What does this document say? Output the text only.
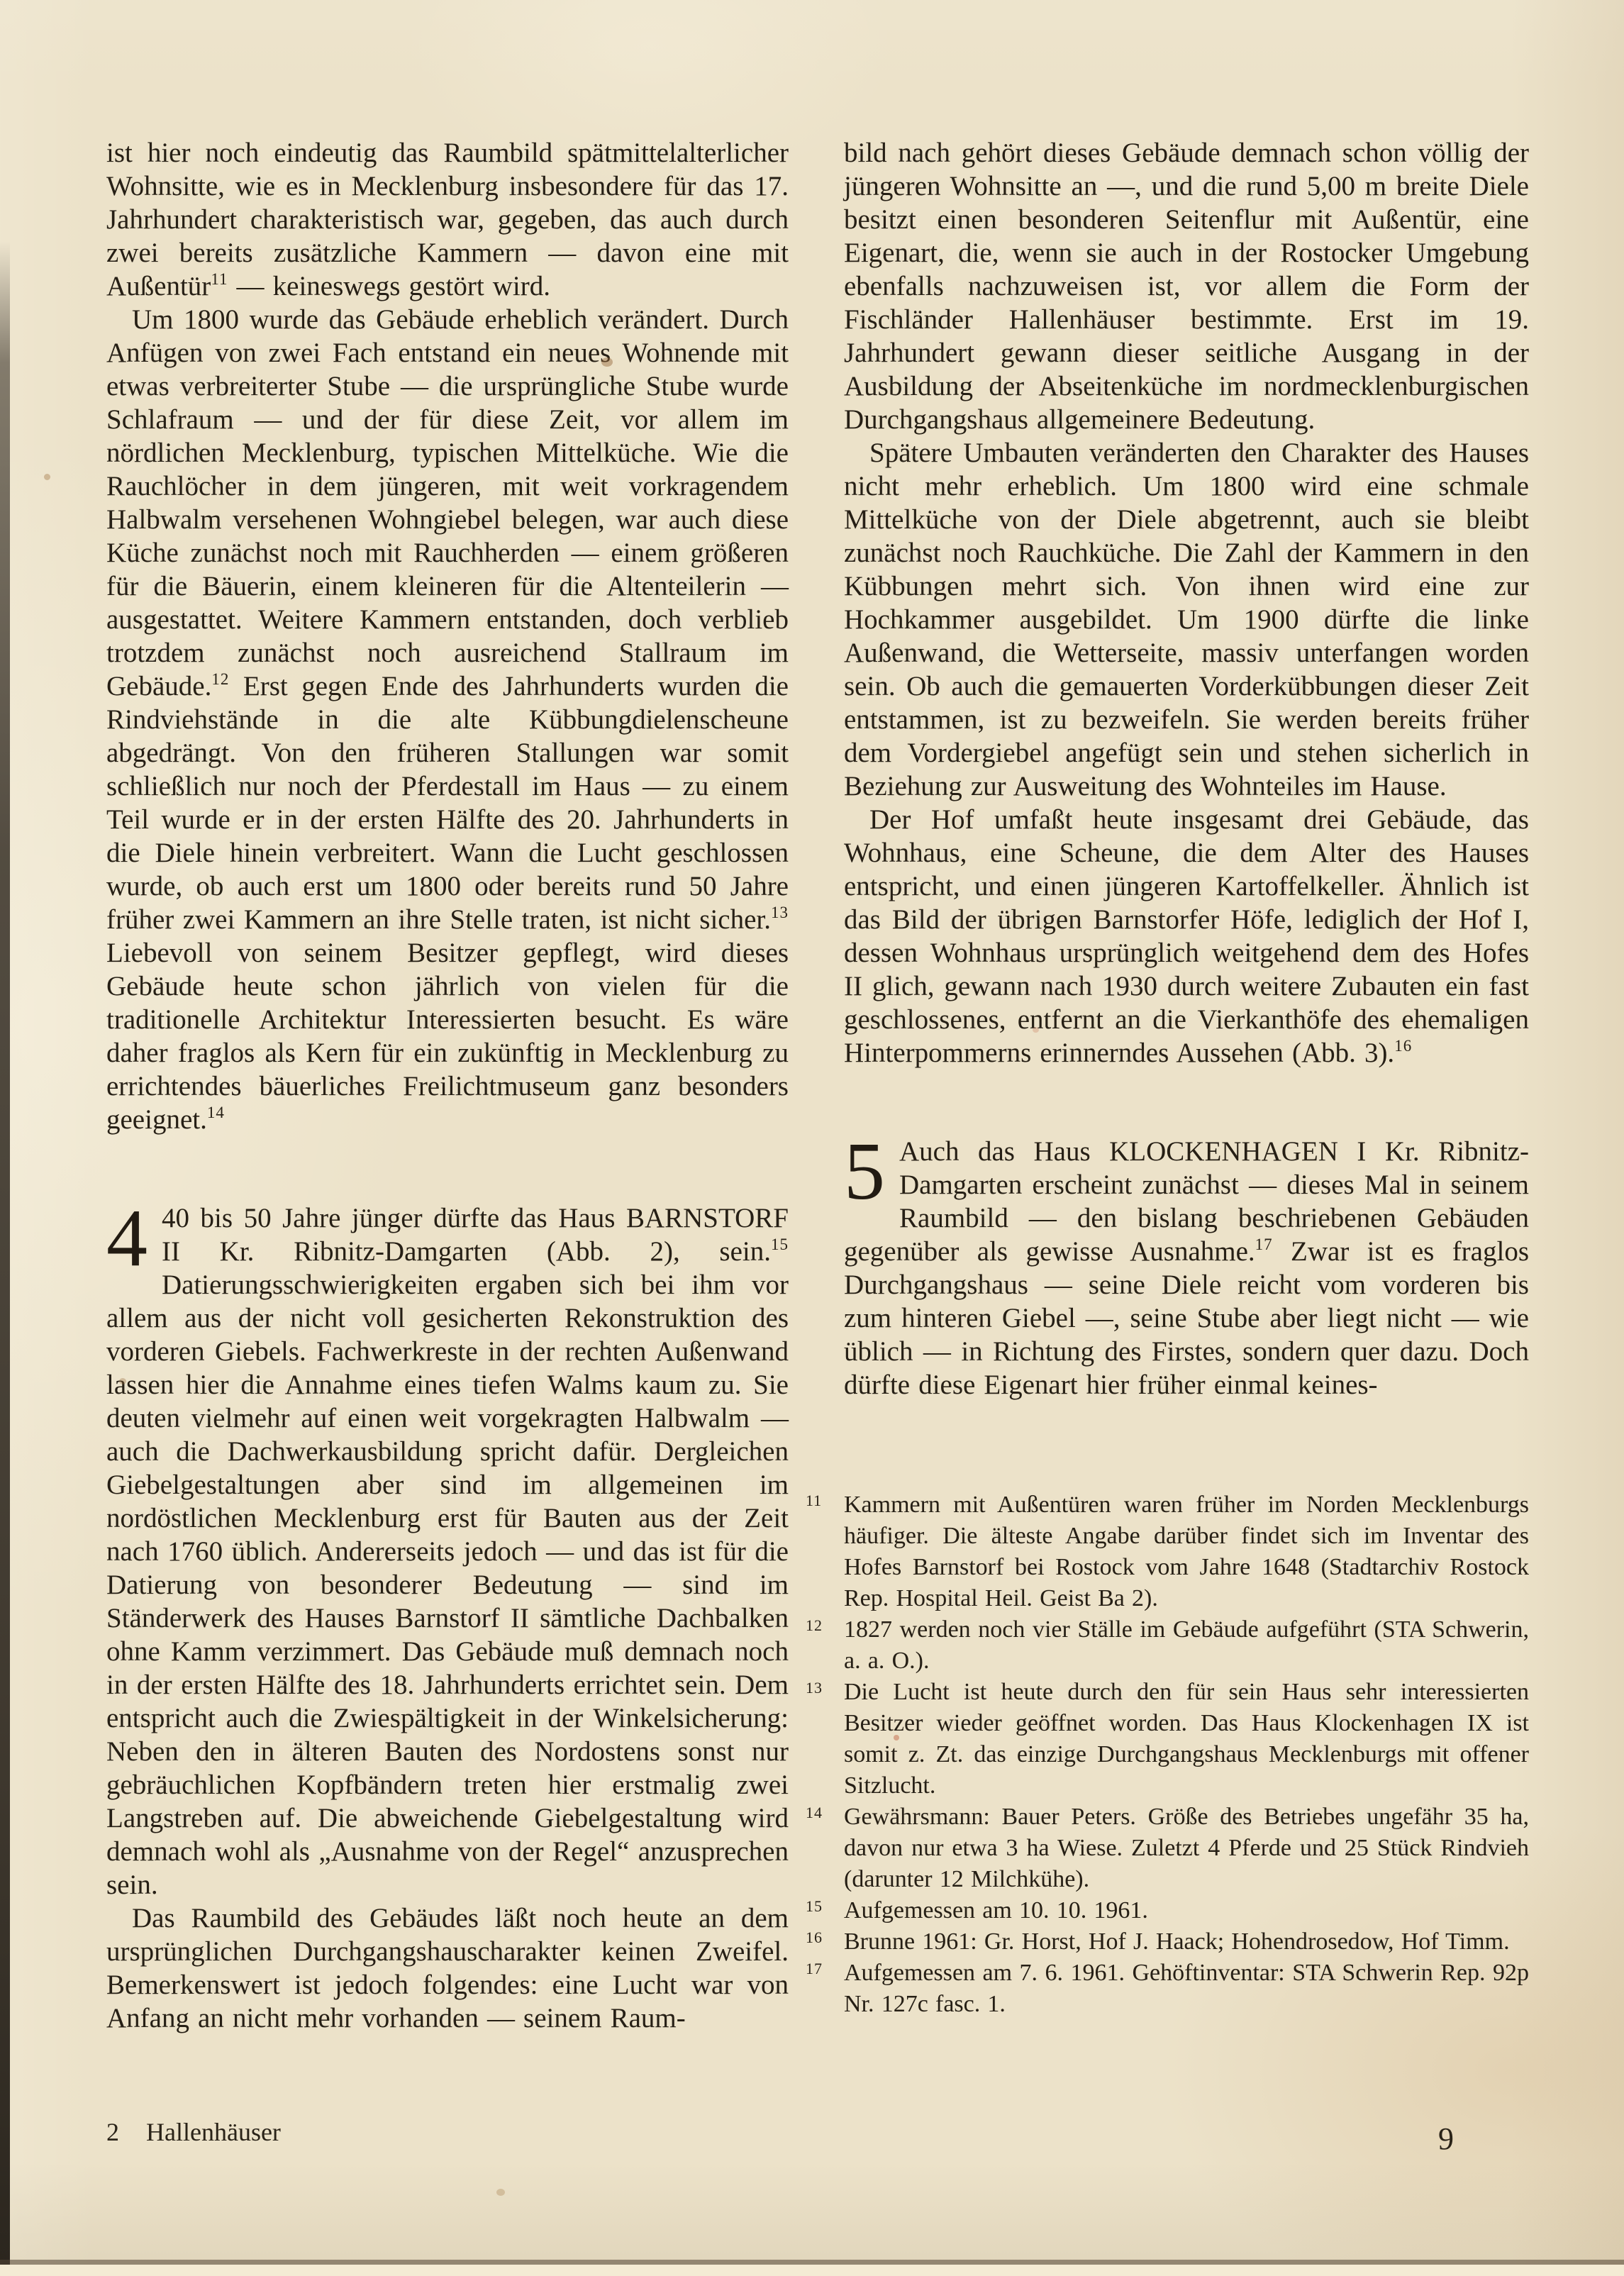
ist hier noch eindeutig das Raumbild spätmittelalterlicher Wohnsitte, wie es in Mecklenburg insbesondere für das 17. Jahrhundert charakteristisch war, gegeben, das auch durch zwei bereits zusätzliche Kammern — davon eine mit Außentür$^{11}$ — keineswegs gestört wird.

Um 1800 wurde das Gebäude erheblich verändert. Durch Anfügen von zwei Fach entstand ein neues Wohnende mit etwas verbreiterter Stube — die ursprüngliche Stube wurde Schlafraum — und der für diese Zeit, vor allem im nördlichen Mecklenburg, typischen Mittelküche. Wie die Rauchlöcher in dem jüngeren, mit weit vorkragendem Halbwalm versehenen Wohngiebel belegen, war auch diese Küche zunächst noch mit Rauchherden — einem größeren für die Bäuerin, einem kleineren für die Altenteilerin — ausgestattet. Weitere Kammern entstanden, doch verblieb trotzdem zunächst noch ausreichend Stallraum im Gebäude.$^{12}$ Erst gegen Ende des Jahrhunderts wurden die Rindviehstände in die alte Kübbungdielenscheune abgedrängt. Von den früheren Stallungen war somit schließlich nur noch der Pferdestall im Haus — zu einem Teil wurde er in der ersten Hälfte des 20. Jahrhunderts in die Diele hinein verbreitert. Wann die Lucht geschlossen wurde, ob auch erst um 1800 oder bereits rund 50 Jahre früher zwei Kammern an ihre Stelle traten, ist nicht sicher.$^{13}$ Liebevoll von seinem Besitzer gepflegt, wird dieses Gebäude heute schon jährlich von vielen für die traditionelle Architektur Interessierten besucht. Es wäre daher fraglos als Kern für ein zukünftig in Mecklenburg zu errichtendes bäuerliches Freilichtmuseum ganz besonders geeignet.$^{14}$

4 40 bis 50 Jahre jünger dürfte das Haus BARNSTORF II Kr. Ribnitz-Damgarten (Abb. 2), sein.$^{15}$ Datierungsschwierigkeiten ergaben sich bei ihm vor allem aus der nicht voll gesicherten Rekonstruktion des vorderen Giebels. Fachwerkreste in der rechten Außenwand lassen hier die Annahme eines tiefen Walms kaum zu. Sie deuten vielmehr auf einen weit vorgekragten Halbwalm — auch die Dachwerkausbildung spricht dafür. Dergleichen Giebelgestaltungen aber sind im allgemeinen im nordöstlichen Mecklenburg erst für Bauten aus der Zeit nach 1760 üblich. Andererseits jedoch — und das ist für die Datierung von besonderer Bedeutung — sind im Ständerwerk des Hauses Barnstorf II sämtliche Dachbalken ohne Kamm verzimmert. Das Gebäude muß demnach noch in der ersten Hälfte des 18. Jahrhunderts errichtet sein. Dem entspricht auch die Zwiespältigkeit in der Winkelsicherung: Neben den in älteren Bauten des Nordostens sonst nur gebräuchlichen Kopfbändern treten hier erstmalig zwei Langstreben auf. Die abweichende Giebelgestaltung wird demnach wohl als „Ausnahme von der Regel“ anzusprechen sein.

Das Raumbild des Gebäudes läßt noch heute an dem ursprünglichen Durchgangshauscharakter keinen Zweifel. Bemerkenswert ist jedoch folgendes: eine Lucht war von Anfang an nicht mehr vorhanden — seinem Raum-

bild nach gehört dieses Gebäude demnach schon völlig der jüngeren Wohnsitte an —, und die rund 5,00 m breite Diele besitzt einen besonderen Seitenflur mit Außentür, eine Eigenart, die, wenn sie auch in der Rostocker Umgebung ebenfalls nachzuweisen ist, vor allem die Form der Fischländer Hallenhäuser bestimmte. Erst im 19. Jahrhundert gewann dieser seitliche Ausgang in der Ausbildung der Abseitenküche im nordmecklenburgischen Durchgangshaus allgemeinere Bedeutung.

Spätere Umbauten veränderten den Charakter des Hauses nicht mehr erheblich. Um 1800 wird eine schmale Mittelküche von der Diele abgetrennt, auch sie bleibt zunächst noch Rauchküche. Die Zahl der Kammern in den Kübbungen mehrt sich. Von ihnen wird eine zur Hochkammer ausgebildet. Um 1900 dürfte die linke Außenwand, die Wetterseite, massiv unterfangen worden sein. Ob auch die gemauerten Vorderkübbungen dieser Zeit entstammen, ist zu bezweifeln. Sie werden bereits früher dem Vordergiebel angefügt sein und stehen sicherlich in Beziehung zur Ausweitung des Wohnteiles im Hause.

Der Hof umfaßt heute insgesamt drei Gebäude, das Wohnhaus, eine Scheune, die dem Alter des Hauses entspricht, und einen jüngeren Kartoffelkeller. Ähnlich ist das Bild der übrigen Barnstorfer Höfe, lediglich der Hof I, dessen Wohnhaus ursprünglich weitgehend dem des Hofes II glich, gewann nach 1930 durch weitere Zubauten ein fast geschlossenes, entfernt an die Vierkanthöfe des ehemaligen Hinterpommerns erinnerndes Aussehen (Abb. 3).$^{16}$

5 Auch das Haus KLOCKENHAGEN I Kr. Ribnitz-Damgarten erscheint zunächst — dieses Mal in seinem Raumbild — den bislang beschriebenen Gebäuden gegenüber als gewisse Ausnahme.$^{17}$ Zwar ist es fraglos Durchgangshaus — seine Diele reicht vom vorderen bis zum hinteren Giebel —, seine Stube aber liegt nicht — wie üblich — in Richtung des Firstes, sondern quer dazu. Doch dürfte diese Eigenart hier früher einmal keines-

11 Kammern mit Außentüren waren früher im Norden Mecklenburgs häufiger. Die älteste Angabe darüber findet sich im Inventar des Hofes Barnstorf bei Rostock vom Jahre 1648 (Stadtarchiv Rostock Rep. Hospital Heil. Geist Ba 2).
12 1827 werden noch vier Ställe im Gebäude aufgeführt (STA Schwerin, a. a. O.).
13 Die Lucht ist heute durch den für sein Haus sehr interessierten Besitzer wieder geöffnet worden. Das Haus Klockenhagen IX ist somit z. Zt. das einzige Durchgangshaus Mecklenburgs mit offener Sitzlucht.
14 Gewährsmann: Bauer Peters. Größe des Betriebes ungefähr 35 ha, davon nur etwa 3 ha Wiese. Zuletzt 4 Pferde und 25 Stück Rindvieh (darunter 12 Milchkühe).
15 Aufgemessen am 10. 10. 1961.
16 Brunne 1961: Gr. Horst, Hof J. Haack; Hohendrosedow, Hof Timm.
17 Aufgemessen am 7. 6. 1961. Gehöftinventar: STA Schwerin Rep. 92p Nr. 127c fasc. 1.
2 Hallenhäuser	9
